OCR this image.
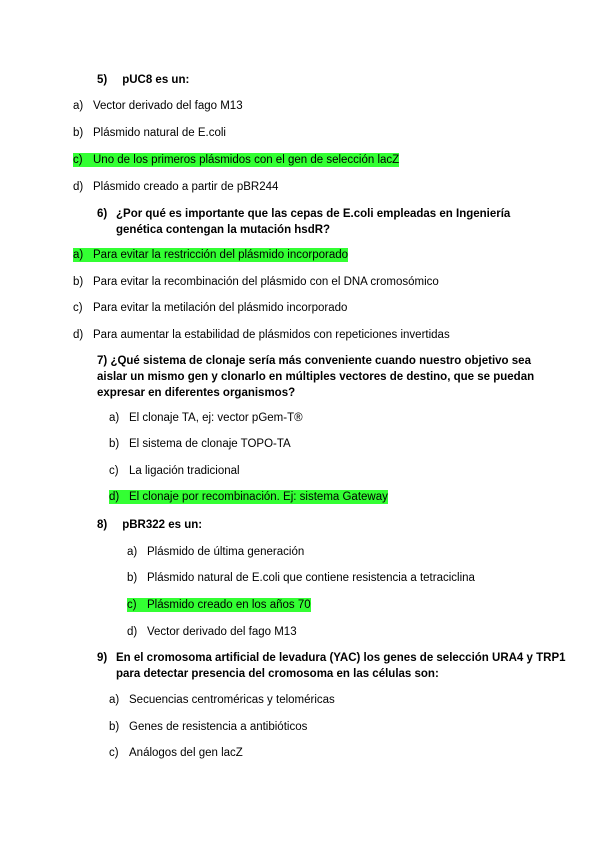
5) pUC8 es un:

a) Vector derivado del fago M13
b) Plásmido natural de E.coli
c) Uno de los primeros plásmidos con el gen de selección lacZ
d) Plásmido creado a partir de pBR244

6) ¿Por qué es importante que las cepas de E.coli empleadas en Ingeniería genética contengan la mutación hsdR?

a) Para evitar la restricción del plásmido incorporado
b) Para evitar la recombinación del plásmido con el DNA cromosómico
c) Para evitar la metilación del plásmido incorporado
d) Para aumentar la estabilidad de plásmidos con repeticiones invertidas

7) ¿Qué sistema de clonaje sería más conveniente cuando nuestro objetivo sea aislar un mismo gen y clonarlo en múltiples vectores de destino, que se puedan expresar en diferentes organismos?

a) El clonaje TA, ej: vector pGem-T®
b) El sistema de clonaje TOPO-TA
c) La ligación tradicional
d) El clonaje por recombinación. Ej: sistema Gateway

8) pBR322 es un:

a) Plásmido de última generación
b) Plásmido natural de E.coli que contiene resistencia a tetraciclina
c) Plásmido creado en los años 70
d) Vector derivado del fago M13

9) En el cromosoma artificial de levadura (YAC) los genes de selección URA4 y TRP1 para detectar presencia del cromosoma en las células son:

a) Secuencias centroméricas y teloméricas
b) Genes de resistencia a antibióticos
c) Análogos del gen lacZ
